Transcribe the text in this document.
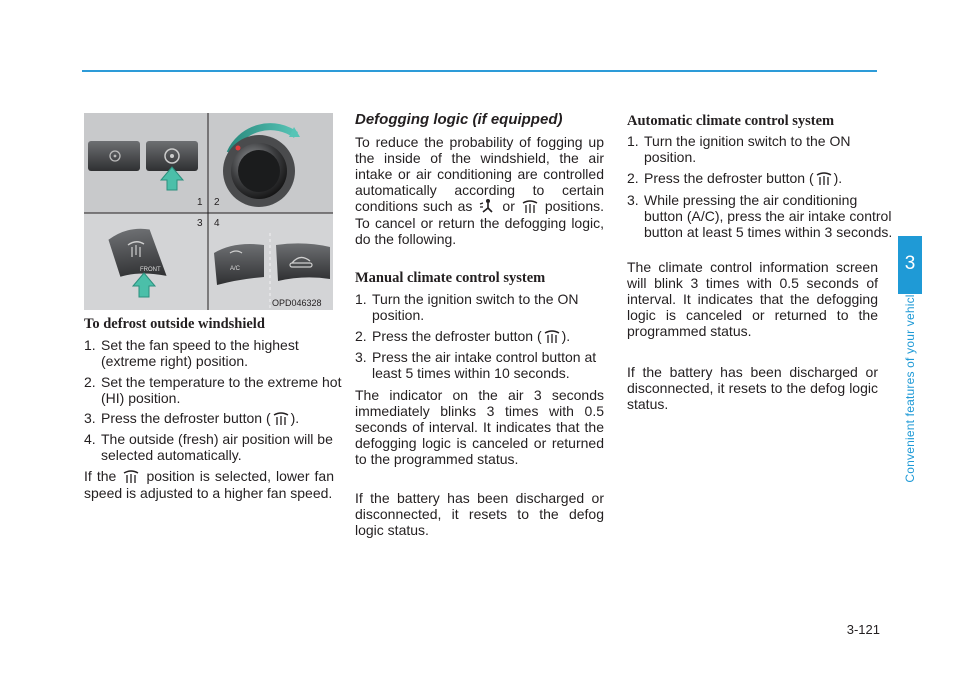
3
Convenient features of your vehicle
3-121
FRONT	A/C
1 2
3 4
OPD046328

To defrost outside windshield

1. Set the fan speed to the highest (extreme right) position.

2. Set the temperature to the extreme hot (HI) position.

3. Press the defroster button ( ).

4. The outside (fresh) air position will be selected automatically.

If the position is selected, lower fan speed is adjusted to a higher fan speed.

Defogging logic (if equipped)

To reduce the probability of fogging up the inside of the windshield, the air intake or air conditioning are controlled automatically according to certain conditions such as or positions. To cancel or return the defogging logic, do the following.

Manual climate control system

1. Turn the ignition switch to the ON position.

2. Press the defroster button ( ).

3. Press the air intake control button at least 5 times within 10 seconds.

The indicator on the air 3 seconds immediately blinks 3 times with 0.5 seconds of interval. It indicates that the defogging logic is canceled or returned to the programmed status.

If the battery has been discharged or disconnected, it resets to the defog logic status.

Automatic climate control system

1. Turn the ignition switch to the ON position.

2. Press the defroster button ( ).

3. While pressing the air conditioning button (A/C), press the air intake control button at least 5 times within 3 seconds.

The climate control information screen will blink 3 times with 0.5 seconds of interval. It indicates that the defogging logic is canceled or returned to the programmed status.

If the battery has been discharged or disconnected, it resets to the defog logic status.
